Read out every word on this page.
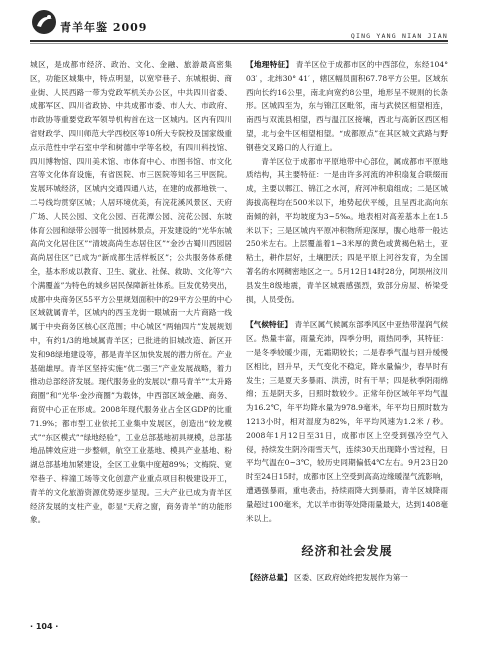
青羊年鉴 2009
QING YANG NIAN JIAN

城区，是成都市经济、政治、文化、金融、旅游最高密集区，功能区城集中，特点明显，以宽窄巷子、东城根街、商业街、人民西路一带为党政军机关办公区，中共四川省委、成都军区、四川省政协、中共成都市委、市人大、市政府、市政协等重要党政军领导机构首在这一区城内。区内有四川省财政学、四川师范大学西校区等10所大专院校及国家级重点示范性中学石室中学和树德中学等名校，有四川科技馆、四川博物馆、四川美术馆、市体育中心、市图书馆、市文化宫等文化体育设施，有省医院、市三医院等知名三甲医院。发展环城经济，区城内交通四通八达，在建的成都地铁一、二号线均贯穿区城；人居环境优美，有浣花溪风景区、天府广场、人民公园、文化公园、百花潭公园、浣花公园、东坡体育公园和绿带公园等一批园林景点，开发建设的“光华东城高尚文化居住区”“清坡高尚生态居住区”“金沙古蜀川西园居高尚居住区”已成为“新成都生活样板区”；公共服务体系健全，基本形成以教育、卫生、就业、社保、救助、文化等“六个满覆盖”为特色的城乡居民保障新社体系。巨发优势突出，成都中央商务区55平方公里规划面积中的29平方公里的中心区域就属青羊，区城内的西玉龙街一眼城南一大片商路一线属于中央商务区核心区范围；中心城区“两轴四片”发展规划中，有约1/3的地域属青羊区；已批进的旧城改造、新区开发和98绿地建设等，都是青羊区加快发展的潜力所在。产业基础雄厚。青羊区坚持实施“优二强三”产业发展战略，着力推动总部经济发展。现代服务业的发展以“鼎马青羊”“太升路商圈”和“光华·金沙商圈”为载体，中西部区域金融、商务、商贸中心正在形成。2008年现代服务业占全区GDP的比重71.9%；都市型工业依托工业集中发展区，创造出“较龙模式”“东区模式”“绿地经验”，工业总部基地初具规模，总部基地品牌效应进一步整顿，航空工业基地、模具产业基地、粉湖总部基地加紧建设，全区工业集中度超89%；文梅院、宽窄巷子、梓潼工场等文化创意产业重点项目积极建设开工，青羊的文化旅游资源优势逐步显现。三大产业已成为青羊区经济发展的支柱产业，彰显“天府之窗，商务青羊”的功能形象。

【地理特征】 青羊区位于成都市区的中西部位，东经104° 03′ ，北纬30° 41′ ，辖区幅员面积67.78平方公里。区域东西向长约16公里，南北向宽约8公里，地形呈不规则的长条形。区城四至为，东与锦江区毗邻，南与武侯区相望相连，南西与双流县相望，西与温江区接壤，西北与高新区西区相望，北与金牛区相望相望。“成都原点”在其区城文武路与野钢巷交叉路口的人行道上。

青羊区位于成都市平原地带中心部位，属成都市平原地质结构，其主要特征：一是由许多河流的冲积扇复合联缀而成，主要以郫江、锦江之水河，府河冲积扇组成；二是区城海拔高程均在500米以下，地势起伏平缓，且呈西北高向东南倾的斜，平均坡度为3~5‰。地表相对高差基本上在1.5米以下；三是区城内平原冲积物所迎深厚，腹心地带一般达250米左右。上层覆盖着1~3米厚的黄色或黄褐色粘土，亚粘土，耕作层好，土壤肥沃；四是平原上河谷发育，为全国著名的水网稠密地区之一。5月12日14时28分，阿坝州汶川县发生8级地震，青羊区城震感强烈，致部分房屋、桥梁受损，人员受伤。

【气候特征】 青羊区属气候属东部季风区中亚热带湿润气候区。热量丰富，雨量充沛，四季分明，雨热同季，其特征：一是冬季较暖少雨，无霜期较长；二是春季气温与回升缓慢区相比，回升早，天气变化不稳定，降水量偏少，春旱时有发生；三是夏天多暴雨、洪涝，时有干旱；四是秋季阴雨绵绵；五是阴天多，日照时数较少。正常年份区域年平均气温为16.2℃，年平均降水量为978.9毫米，年平均日照时数为1213小时，相对湿度为82%，年平均风速为1.2米 / 秒。2008年1月12日至31日，成都市区上空受到强冷空气入侵，持续发生阴冷雨雪天气，连续30天出现降小雪过程，日平均气温在0~3℃，较历史同期偏低4℃左右。9月23日20时至24日15时，成都市区上空受到高高边缘暖湿气流影响，遭遇强暴雨，重电袭击，持续雨降大到暴雨，青羊区城降雨量超过100毫米，尤以羊市街等处降雨量最大，达到1408毫米以上。

经济和社会发展

【经济总量】 区委、区政府始终把发展作为第一

· 104 ·
